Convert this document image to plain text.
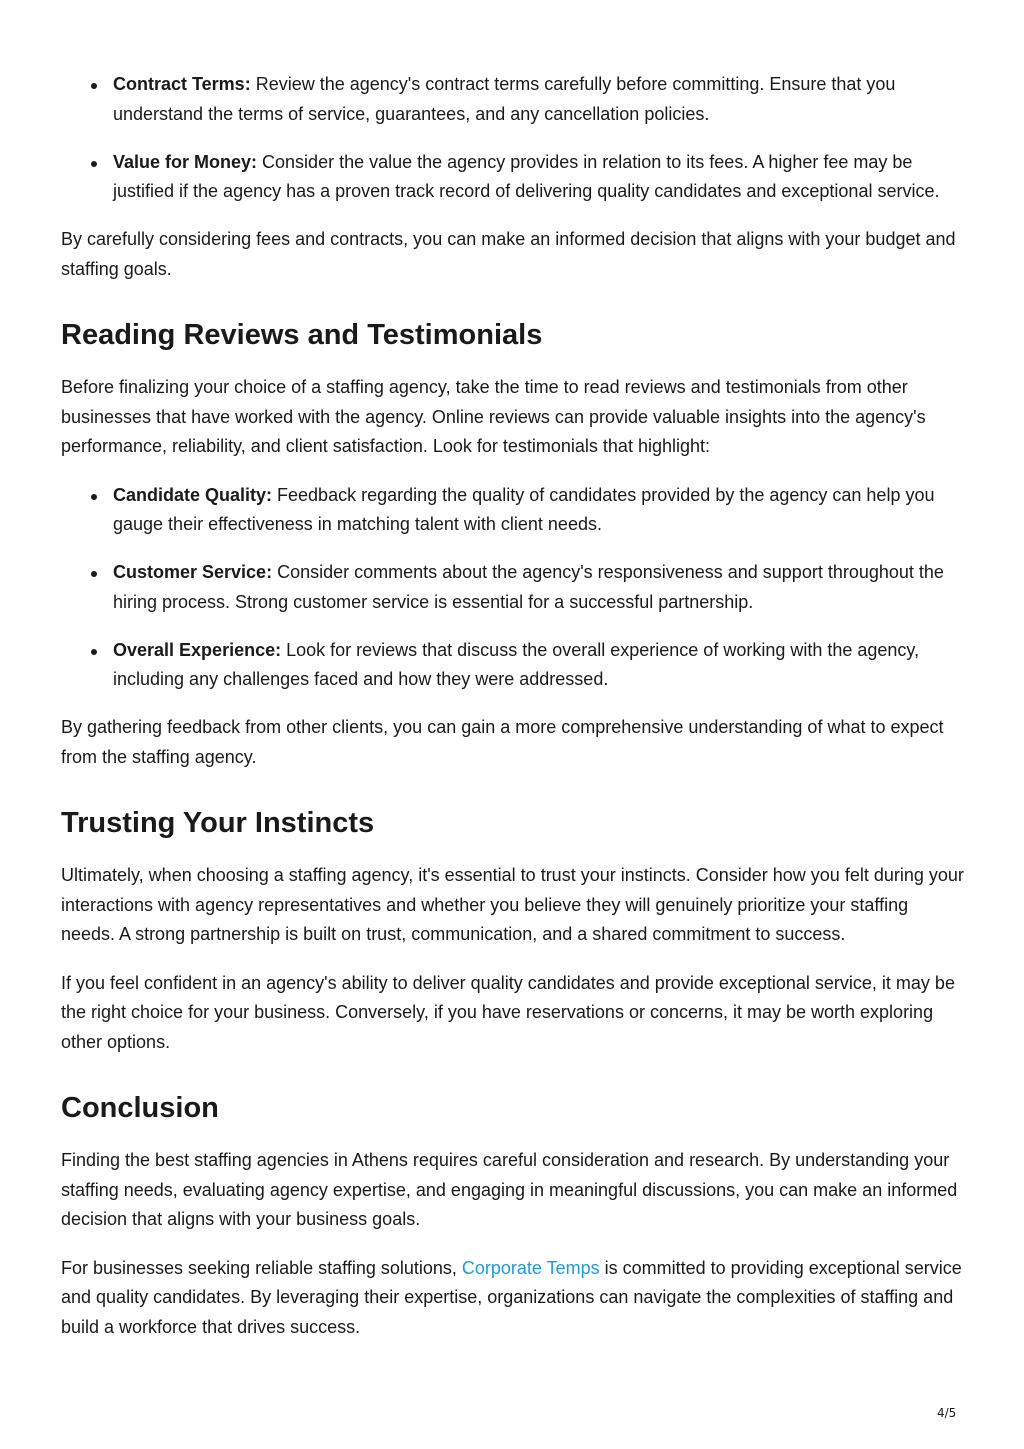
Contract Terms: Review the agency's contract terms carefully before committing. Ensure that you understand the terms of service, guarantees, and any cancellation policies.
Value for Money: Consider the value the agency provides in relation to its fees. A higher fee may be justified if the agency has a proven track record of delivering quality candidates and exceptional service.

By carefully considering fees and contracts, you can make an informed decision that aligns with your budget and staffing goals.

Reading Reviews and Testimonials

Before finalizing your choice of a staffing agency, take the time to read reviews and testimonials from other businesses that have worked with the agency. Online reviews can provide valuable insights into the agency's performance, reliability, and client satisfaction. Look for testimonials that highlight:

Candidate Quality: Feedback regarding the quality of candidates provided by the agency can help you gauge their effectiveness in matching talent with client needs.
Customer Service: Consider comments about the agency's responsiveness and support throughout the hiring process. Strong customer service is essential for a successful partnership.
Overall Experience: Look for reviews that discuss the overall experience of working with the agency, including any challenges faced and how they were addressed.

By gathering feedback from other clients, you can gain a more comprehensive understanding of what to expect from the staffing agency.

Trusting Your Instincts

Ultimately, when choosing a staffing agency, it's essential to trust your instincts. Consider how you felt during your interactions with agency representatives and whether you believe they will genuinely prioritize your staffing needs. A strong partnership is built on trust, communication, and a shared commitment to success.

If you feel confident in an agency's ability to deliver quality candidates and provide exceptional service, it may be the right choice for your business. Conversely, if you have reservations or concerns, it may be worth exploring other options.

Conclusion

Finding the best staffing agencies in Athens requires careful consideration and research. By understanding your staffing needs, evaluating agency expertise, and engaging in meaningful discussions, you can make an informed decision that aligns with your business goals.

For businesses seeking reliable staffing solutions, Corporate Temps is committed to providing exceptional service and quality candidates. By leveraging their expertise, organizations can navigate the complexities of staffing and build a workforce that drives success.

4/5
